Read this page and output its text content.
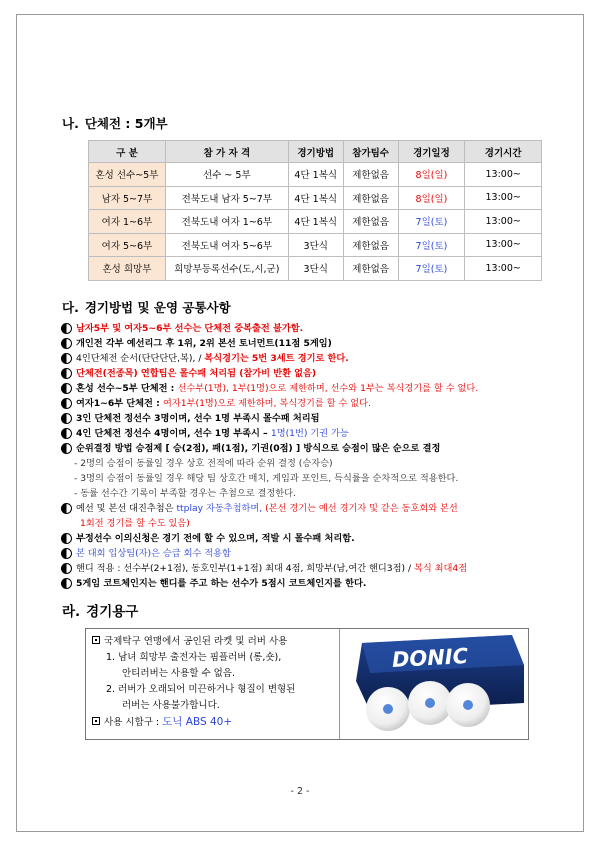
나. 단체전 : 5개부
구 분	참 가 자 격	경기방법	참가팀수	경기일정	경기시간
혼성 선수~5부	선수 ~ 5부	4단 1복식	제한없음	8일(일)	13:00~
남자 5~7부	전북도내 남자 5~7부	4단 1복식	제한없음	8일(일)	13:00~
여자 1~6부	전북도내 여자 1~6부	4단 1복식	제한없음	7일(토)	13:00~
여자 5~6부	전북도내 여자 5~6부	3단식	제한없음	7일(토)	13:00~
혼성 희망부	희망부등록선수(도,시,군)	3단식	제한없음	7일(토)	13:00~
다. 경기방법 및 운영 공통사항
남자5부 및 여자5~6부 선수는 단체전 중복출전 불가함.
개인전 각부 예선리그 후 1위, 2위 본선 토너먼트(11점 5게임)
4인단체전 순서(단단단단,복), / 복식경기는 5번 3세트 경기로 한다.
단체전(전종목) 연합팀은 몰수패 처리됨 (참가비 반환 없음)
혼성 선수~5부 단체전 : 선수부(1명), 1부(1명)으로 제한하며, 선수와 1부는 복식경기를 할 수 없다.
여자1~6부 단체전 : 여자1부(1명)으로 제한하며, 복식경기를 할 수 없다.
3인 단체전 정선수 3명이며, 선수 1명 부족시 몰수패 처리됨
4인 단체전 정선수 4명이며, 선수 1명 부족시 – 1명(1번) 기권 가능
순위결정 방법 승점제 [ 승(2점), 패(1점), 기권(0점) ] 방식으로 승점이 많은 순으로 결정
- 2명의 승점이 동률일 경우 상호 전적에 따라 순위 결정 (승자승)
- 3명의 승점이 동률일 경우 해당 팀 상호간 매치, 게임과 포인트, 득식률을 순차적으로 적용한다.
- 동률 선수간 기록이 부족할 경우는 추첨으로 결정한다.
예선 및 본선 대진추첨은 ttplay 자동추첨하며, (본선 경기는 예선 경기자 및 같은 동호회와 본선
1회전 경기를 할 수도 있음)
부정선수 이의신청은 경기 전에 할 수 있으며, 적발 시 몰수패 처리함.
본 대회 입상팀(자)은 승급 회수 적용함
핸디 적용 : 선수부(2+1점), 동호인부(1+1점) 최대 4점, 희망부(남,여간 핸디3점) / 복식 최대4점
5게임 코트체인지는 핸디를 주고 하는 선수가 5점시 코트체인지를 한다.
라. 경기용구
국제탁구 연맹에서 공인된 라켓 및 러버 사용
1. 남녀 희망부 출전자는 핌플러버 (롱,숏),
안티러버는 사용할 수 없음.
2. 러버가 오래되어 미끈하거나 형질이 변형된
러버는 사용불가합니다.
사용 시합구 : 도닉 ABS 40+
DONIC
- 2 -
